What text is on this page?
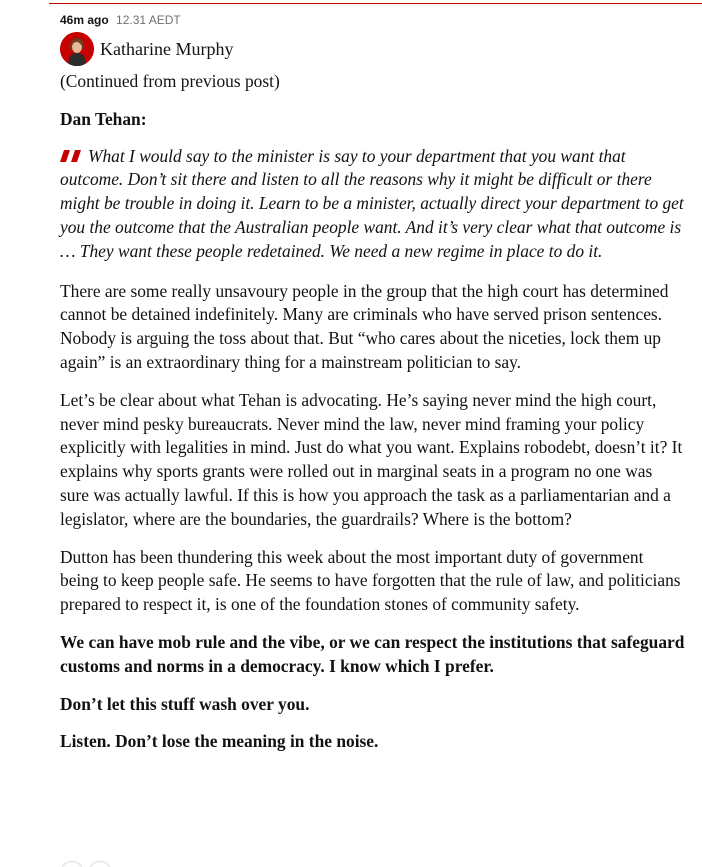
46m ago 12.31 AEDT
Katharine Murphy

(Continued from previous post)

Dan Tehan:

What I would say to the minister is say to your department that you want that outcome. Don’t sit there and listen to all the reasons why it might be difficult or there might be trouble in doing it. Learn to be a minister, actually direct your department to get you the outcome that the Australian people want. And it’s very clear what that outcome is … They want these people redetained. We need a new regime in place to do it.

There are some really unsavoury people in the group that the high court has determined cannot be detained indefinitely. Many are criminals who have served prison sentences. Nobody is arguing the toss about that. But “who cares about the niceties, lock them up again” is an extraordinary thing for a mainstream politician to say.

Let’s be clear about what Tehan is advocating. He’s saying never mind the high court, never mind pesky bureaucrats. Never mind the law, never mind framing your policy explicitly with legalities in mind. Just do what you want. Explains robodebt, doesn’t it? It explains why sports grants were rolled out in marginal seats in a program no one was sure was actually lawful. If this is how you approach the task as a parliamentarian and a legislator, where are the boundaries, the guardrails? Where is the bottom?

Dutton has been thundering this week about the most important duty of government being to keep people safe. He seems to have forgotten that the rule of law, and politicians prepared to respect it, is one of the foundation stones of community safety.

We can have mob rule and the vibe, or we can respect the institutions that safeguard customs and norms in a democracy. I know which I prefer.

Don’t let this stuff wash over you.

Listen. Don’t lose the meaning in the noise.
